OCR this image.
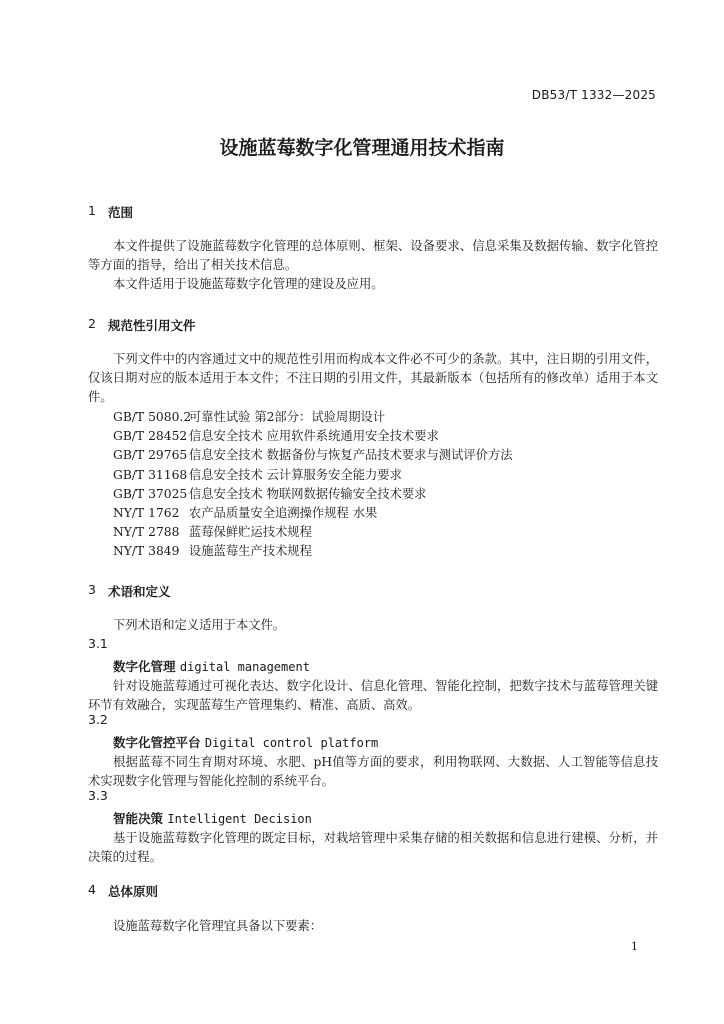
DB53/T 1332—2025
设施蓝莓数字化管理通用技术指南
1 范围
本文件提供了设施蓝莓数字化管理的总体原则、框架、设备要求、信息采集及数据传输、数字化管控等方面的指导，给出了相关技术信息。
本文件适用于设施蓝莓数字化管理的建设及应用。
2 规范性引用文件
下列文件中的内容通过文中的规范性引用而构成本文件必不可少的条款。其中，注日期的引用文件，仅该日期对应的版本适用于本文件；不注日期的引用文件，其最新版本（包括所有的修改单）适用于本文件。
GB/T 5080.2 可靠性试验 第2部分：试验周期设计
GB/T 28452 信息安全技术 应用软件系统通用安全技术要求
GB/T 29765 信息安全技术 数据备份与恢复产品技术要求与测试评价方法
GB/T 31168 信息安全技术 云计算服务安全能力要求
GB/T 37025 信息安全技术 物联网数据传输安全技术要求
NY/T 1762 农产品质量安全追溯操作规程 水果
NY/T 2788 蓝莓保鲜贮运技术规程
NY/T 3849 设施蓝莓生产技术规程
3 术语和定义
下列术语和定义适用于本文件。
3.1
数字化管理 digital management
针对设施蓝莓通过可视化表达、数字化设计、信息化管理、智能化控制，把数字技术与蓝莓管理关键环节有效融合，实现蓝莓生产管理集约、精准、高质、高效。
3.2
数字化管控平台 Digital control platform
根据蓝莓不同生育期对环境、水肥、pH值等方面的要求，利用物联网、大数据、人工智能等信息技术实现数字化管理与智能化控制的系统平台。
3.3
智能决策 Intelligent Decision
基于设施蓝莓数字化管理的既定目标，对栽培管理中采集存储的相关数据和信息进行建模、分析，并决策的过程。
4 总体原则
设施蓝莓数字化管理宜具备以下要素：
1
